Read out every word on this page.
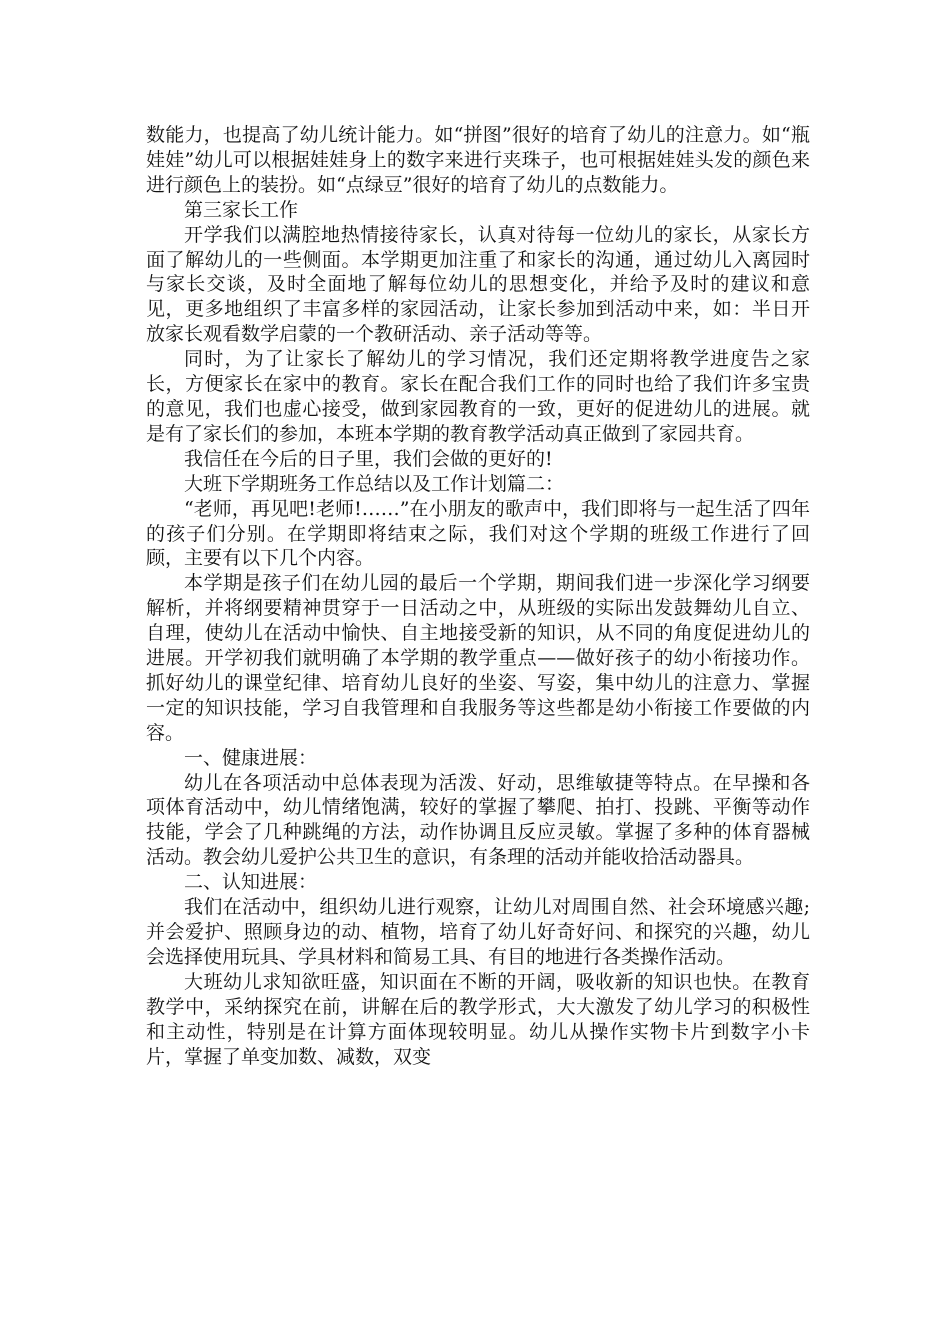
数能力，也提高了幼儿统计能力。如“拼图”很好的培育了幼儿的注意力。如“瓶娃娃”幼儿可以根据娃娃身上的数字来进行夹珠子，也可根据娃娃头发的颜色来进行颜色上的装扮。如“点绿豆”很好的培育了幼儿的点数能力。

第三家长工作

开学我们以满腔地热情接待家长，认真对待每一位幼儿的家长，从家长方面了解幼儿的一些侧面。本学期更加注重了和家长的沟通，通过幼儿入离园时与家长交谈，及时全面地了解每位幼儿的思想变化，并给予及时的建议和意见，更多地组织了丰富多样的家园活动，让家长参加到活动中来，如：半日开放家长观看数学启蒙的一个教研活动、亲子活动等等。

同时，为了让家长了解幼儿的学习情况，我们还定期将教学进度告之家长，方便家长在家中的教育。家长在配合我们工作的同时也给了我们许多宝贵的意见，我们也虚心接受，做到家园教育的一致，更好的促进幼儿的进展。就是有了家长们的参加，本班本学期的教育教学活动真正做到了家园共育。

我信任在今后的日子里，我们会做的更好的!

大班下学期班务工作总结以及工作计划篇二：

“老师，再见吧!老师!……”在小朋友的歌声中，我们即将与一起生活了四年的孩子们分别。在学期即将结束之际，我们对这个学期的班级工作进行了回顾，主要有以下几个内容。

本学期是孩子们在幼儿园的最后一个学期，期间我们进一步深化学习纲要解析，并将纲要精神贯穿于一日活动之中，从班级的实际出发鼓舞幼儿自立、自理，使幼儿在活动中愉快、自主地接受新的知识，从不同的角度促进幼儿的进展。开学初我们就明确了本学期的教学重点——做好孩子的幼小衔接功作。抓好幼儿的课堂纪律、培育幼儿良好的坐姿、写姿，集中幼儿的注意力、掌握一定的知识技能，学习自我管理和自我服务等这些都是幼小衔接工作要做的内容。

一、健康进展：

幼儿在各项活动中总体表现为活泼、好动，思维敏捷等特点。在早操和各项体育活动中，幼儿情绪饱满，较好的掌握了攀爬、拍打、投跳、平衡等动作技能，学会了几种跳绳的方法，动作协调且反应灵敏。掌握了多种的体育器械活动。教会幼儿爱护公共卫生的意识，有条理的活动并能收拾活动器具。

二、认知进展：

我们在活动中，组织幼儿进行观察，让幼儿对周围自然、社会环境感兴趣;并会爱护、照顾身边的动、植物，培育了幼儿好奇好问、和探究的兴趣，幼儿会选择使用玩具、学具材料和简易工具、有目的地进行各类操作活动。

大班幼儿求知欲旺盛，知识面在不断的开阔，吸收新的知识也快。在教育教学中，采纳探究在前，讲解在后的教学形式，大大激发了幼儿学习的积极性和主动性，特别是在计算方面体现较明显。幼儿从操作实物卡片到数字小卡片，掌握了单变加数、减数，双变
